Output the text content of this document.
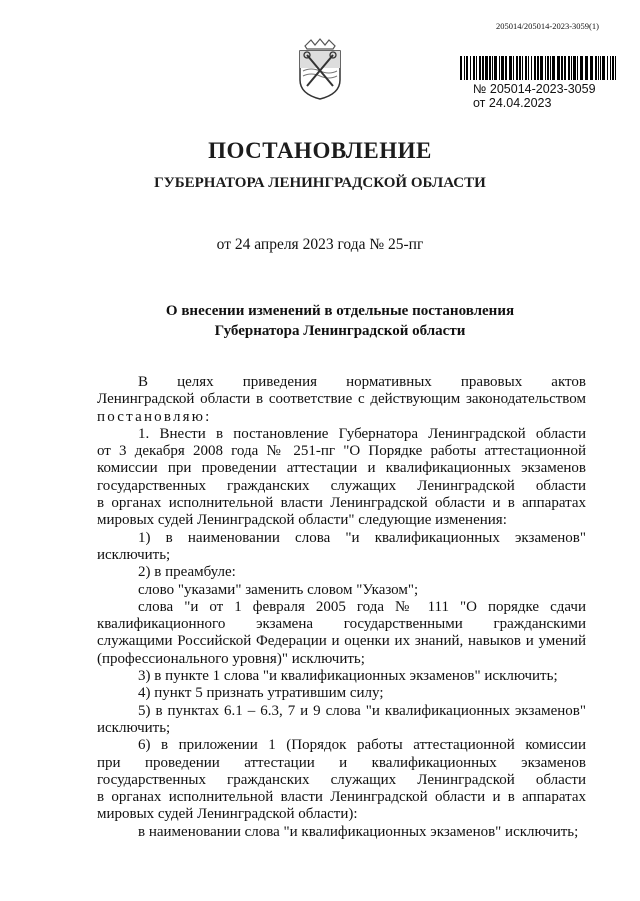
205014/205014-2023-3059(1)
№ 205014-2023-3059
от 24.04.2023
ПОСТАНОВЛЕНИЕ
ГУБЕРНАТОРА ЛЕНИНГРАДСКОЙ ОБЛАСТИ
от 24 апреля 2023 года № 25-пг
О внесении изменений в отдельные постановления
Губернатора Ленинградской области

В целях приведения нормативных правовых актов

Ленинградской области в соответствие с действующим законодательством

постановляю:

1. Внести в постановление Губернатора Ленинградской области

от 3 декабря 2008 года № 251-пг "О Порядке работы аттестационной

комиссии при проведении аттестации и квалификационных экзаменов

государственных гражданских служащих Ленинградской области

в органах исполнительной власти Ленинградской области и в аппаратах

мировых судей Ленинградской области" следующие изменения:

1) в наименовании слова "и квалификационных экзаменов"

исключить;

2) в преамбуле:

слово "указами" заменить словом "Указом";

слова "и от 1 февраля 2005 года № 111 "О порядке сдачи

квалификационного экзамена государственными гражданскими

служащими Российской Федерации и оценки их знаний, навыков и умений

(профессионального уровня)" исключить;

3) в пункте 1 слова "и квалификационных экзаменов" исключить;

4) пункт 5 признать утратившим силу;

5) в пунктах 6.1 – 6.3, 7 и 9 слова "и квалификационных экзаменов"

исключить;

6) в приложении 1 (Порядок работы аттестационной комиссии

при проведении аттестации и квалификационных экзаменов

государственных гражданских служащих Ленинградской области

в органах исполнительной власти Ленинградской области и в аппаратах

мировых судей Ленинградской области):

в наименовании слова "и квалификационных экзаменов" исключить;
